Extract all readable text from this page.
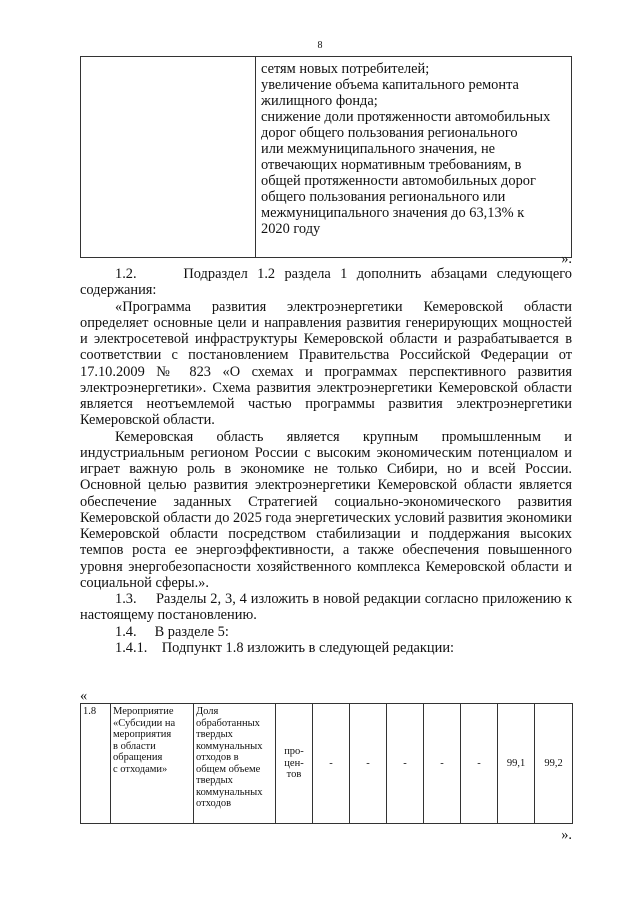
8

сетям новых потребителей;
увеличение объема капитального ремонта
жилищного фонда;
снижение доли протяженности автомобильных
дорог общего пользования регионального
или межмуниципального значения, не
отвечающих нормативным требованиям, в
общей протяженности автомобильных дорог
общего пользования регионального или
межмуниципального значения до 63,13% к
2020 году
».

1.2.     Подраздел 1.2 раздела 1 дополнить абзацами следующего содержания:

«Программа развития электроэнергетики Кемеровской области определяет основные цели и направления развития генерирующих мощностей и электросетевой инфраструктуры Кемеровской области и разрабатывается в соответствии с постановлением Правительства Российской Федерации от 17.10.2009 № 823 «О схемах и программах перспективного развития электроэнергетики». Схема развития электроэнергетики Кемеровской области является неотъемлемой частью программы развития электроэнергетики Кемеровской области.

Кемеровская область является крупным промышленным и индустриальным регионом России с высоким экономическим потенциалом и играет важную роль в экономике не только Сибири, но и всей России. Основной целью развития электроэнергетики Кемеровской области является обеспечение заданных Стратегией социально-экономического развития Кемеровской области до 2025 года энергетических условий развития экономики Кемеровской области посредством стабилизации и поддержания высоких темпов роста ее энергоэффективности, а также обеспечения повышенного уровня энергобезопасности хозяйственного комплекса Кемеровской области и социальной сферы.».

1.3.     Разделы 2, 3, 4 изложить в новой редакции согласно приложению к настоящему постановлению.

1.4.     В разделе 5:

1.4.1.    Подпункт 1.8 изложить в следующей редакции:

«
1.8	Мероприятие
«Субсидии на
мероприятия
в области
обращения
с отходами»	Доля
обработанных
твердых
коммунальных
отходов в
общем объеме
твердых
коммунальных
отходов	про-
цен-
тов	-	-	-	-	-	99,1	99,2
».
